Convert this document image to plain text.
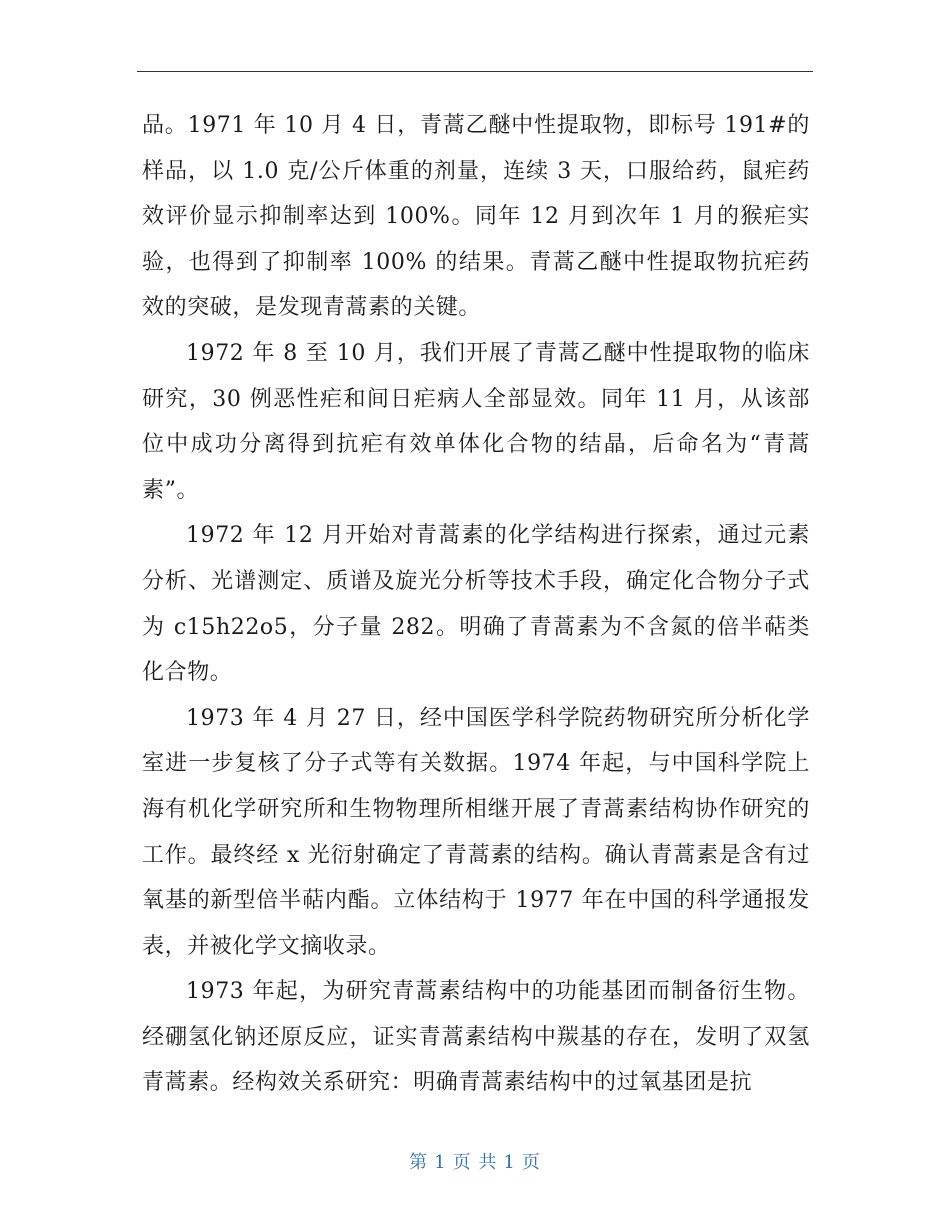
品。1971 年 10 月 4 日，青蒿乙醚中性提取物，即标号 191#的样品，以 1.0 克/公斤体重的剂量，连续 3 天，口服给药，鼠疟药效评价显示抑制率达到 100%。同年 12 月到次年 1 月的猴疟实验，也得到了抑制率 100% 的结果。青蒿乙醚中性提取物抗疟药效的突破，是发现青蒿素的关键。

1972 年 8 至 10 月，我们开展了青蒿乙醚中性提取物的临床研究，30 例恶性疟和间日疟病人全部显效。同年 11 月，从该部位中成功分离得到抗疟有效单体化合物的结晶，后命名为“青蒿素”。

1972 年 12 月开始对青蒿素的化学结构进行探索，通过元素分析、光谱测定、质谱及旋光分析等技术手段，确定化合物分子式为 c15h22o5，分子量 282。明确了青蒿素为不含氮的倍半萜类化合物。

1973 年 4 月 27 日，经中国医学科学院药物研究所分析化学室进一步复核了分子式等有关数据。1974 年起，与中国科学院上海有机化学研究所和生物物理所相继开展了青蒿素结构协作研究的工作。最终经 x 光衍射确定了青蒿素的结构。确认青蒿素是含有过氧基的新型倍半萜内酯。立体结构于 1977 年在中国的科学通报发表，并被化学文摘收录。

1973 年起，为研究青蒿素结构中的功能基团而制备衍生物。经硼氢化钠还原反应，证实青蒿素结构中羰基的存在，发明了双氢青蒿素。经构效关系研究：明确青蒿素结构中的过氧基团是抗

第 1 页 共 1 页
